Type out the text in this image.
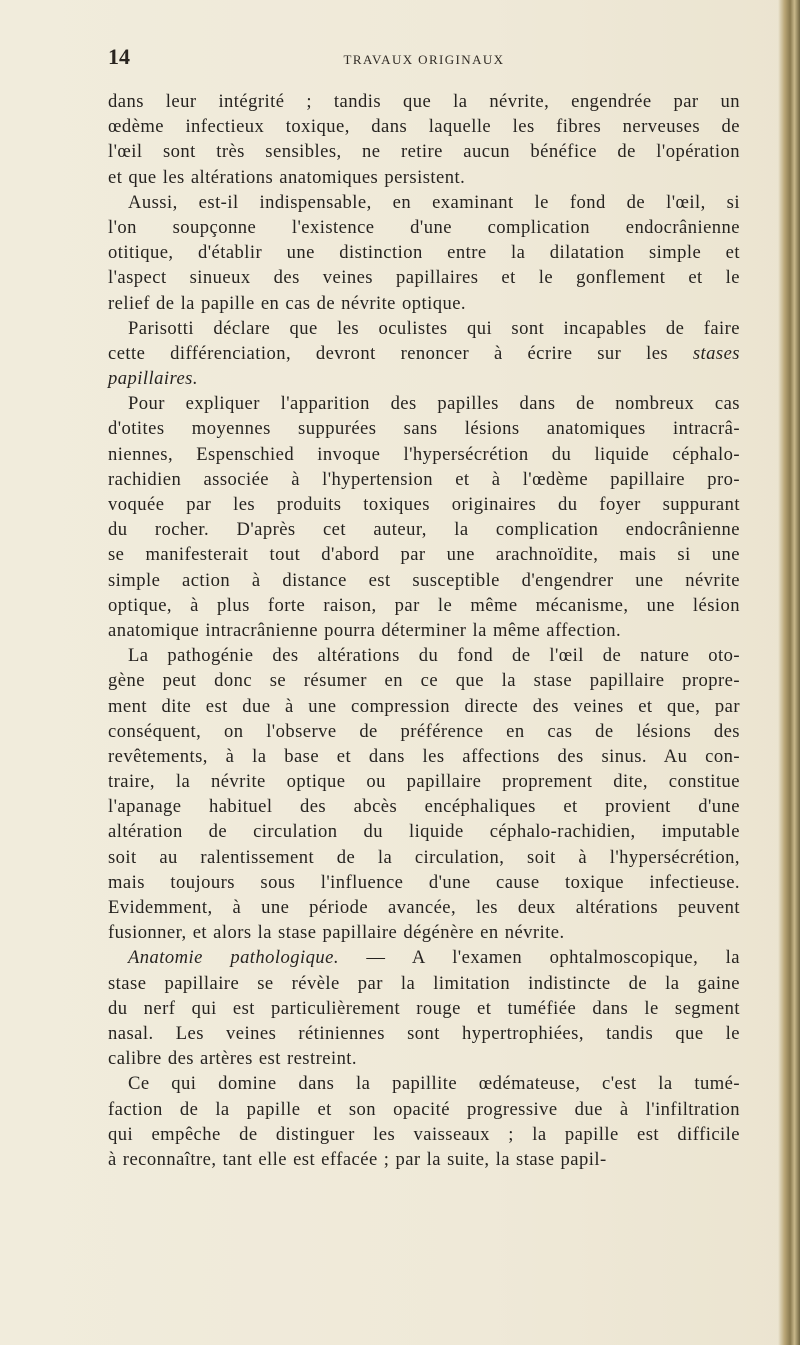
14	TRAVAUX ORIGINAUX

dans leur intégrité ; tandis que la névrite, engendrée par un
œdème infectieux toxique, dans laquelle les fibres nerveuses de
l'œil sont très sensibles, ne retire aucun bénéfice de l'opération
et que les altérations anatomiques persistent.

Aussi, est-il indispensable, en examinant le fond de l'œil, si
l'on soupçonne l'existence d'une complication endocrânienne
otitique, d'établir une distinction entre la dilatation simple et
l'aspect sinueux des veines papillaires et le gonflement et le
relief de la papille en cas de névrite optique.

Parisotti déclare que les oculistes qui sont incapables de faire
cette différenciation, devront renoncer à écrire sur les stases
papillaires.

Pour expliquer l'apparition des papilles dans de nombreux cas
d'otites moyennes suppurées sans lésions anatomiques intracrâ-
niennes, Espenschied invoque l'hypersécrétion du liquide céphalo-
rachidien associée à l'hypertension et à l'œdème papillaire pro-
voquée par les produits toxiques originaires du foyer suppurant
du rocher. D'après cet auteur, la complication endocrânienne
se manifesterait tout d'abord par une arachnoïdite, mais si une
simple action à distance est susceptible d'engendrer une névrite
optique, à plus forte raison, par le même mécanisme, une lésion
anatomique intracrânienne pourra déterminer la même affection.

La pathogénie des altérations du fond de l'œil de nature oto-
gène peut donc se résumer en ce que la stase papillaire propre-
ment dite est due à une compression directe des veines et que, par
conséquent, on l'observe de préférence en cas de lésions des
revêtements, à la base et dans les affections des sinus. Au con-
traire, la névrite optique ou papillaire proprement dite, constitue
l'apanage habituel des abcès encéphaliques et provient d'une
altération de circulation du liquide céphalo-rachidien, imputable
soit au ralentissement de la circulation, soit à l'hypersécrétion,
mais toujours sous l'influence d'une cause toxique infectieuse.
Evidemment, à une période avancée, les deux altérations peuvent
fusionner, et alors la stase papillaire dégénère en névrite.

Anatomie pathologique. — A l'examen ophtalmoscopique, la
stase papillaire se révèle par la limitation indistincte de la gaine
du nerf qui est particulièrement rouge et tuméfiée dans le segment
nasal. Les veines rétiniennes sont hypertrophiées, tandis que le
calibre des artères est restreint.

Ce qui domine dans la papillite œdémateuse, c'est la tumé-
faction de la papille et son opacité progressive due à l'infiltration
qui empêche de distinguer les vaisseaux ; la papille est difficile
à reconnaître, tant elle est effacée ; par la suite, la stase papil-
